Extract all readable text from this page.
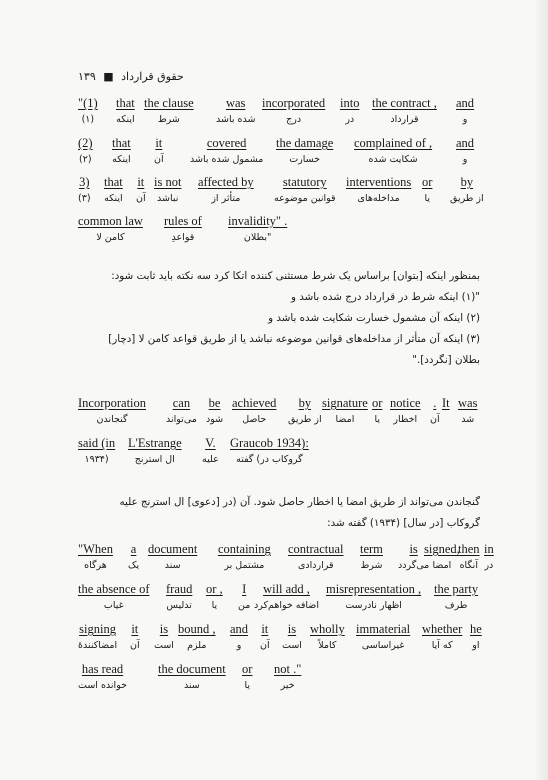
حقوق قرارداد ■ ۱۳۹
"(1)
(۱)
that
اینکه
the clause
شرط
was
شده باشد
incorporated
درج
into
در
the contract ,
قرارداد
and
و
(2)
(۲)
that
اینکه
it
آن
covered
مشمول شده باشد
the damage
خسارت
complained of ,
شکایت شده
and
و
3)
(۳)
that
اینکه
it
آن
is not
نباشد
affected by
متأثر از
statutory
قوانین موضوعه
interventions
مداخله‌های
or
یا
by
از طریق
common law
کامن لا
rules of
قواعدِ
invalidity" .
"بطلان

بمنظور اینکه [بتوان] براساس یک شرط مستثنی کننده اتکا کرد سه نکته باید ثابت شود:

"(۱) اینکه شرط در قرارداد درج شده باشد و

(۲) اینکه آن مشمول خسارت شکایت شده باشد و

(۳) اینکه آن متأثر از مداخله‌های قوانین موضوعه نباشد یا از طریق قواعد کامن لا [دچار]

بطلان [نگردد]."

Incorporation
گنجاندن
can
می‌تواند
be
شود
achieved
حاصل
by
از طریق
signature
امضا
or
یا
notice
اخطار
.
آن
It was
شد
said (in
(۱۹۳۴
L'Estrange
ال استرنج
V.
علیه
Graucob 1934):
گروکاب در) گفته

گنجاندن می‌تواند از طریق امضا یا اخطار حاصل شود. آن (در [دعوی] ال استرنج علیه

گروکاب [در سال] (۱۹۳۴) گفته شد:

"When
هرگاه
a
یک
document
سند
containing
مشتمل بر
contractual
قراردادی
term
شرط
is
می‌گردد
signed,
امضا
then
آنگاه
in
در
the absence of
غیاب
fraud
تدلیس
or ,
یا
I
من
will add ,
اضافه خواهم‌کرد
misrepresentation ,
اظهار نادرست
the party
طرف
signing
امضاکنندهٔ
it
آن
is
است
bound ,
ملزم
and
و
it
آن
is
است
wholly
کاملاً
immaterial
غیراساسی
whether
که آیا
he
او
has read
خوانده است
the document
سند
or
یا
not ."
خیر
